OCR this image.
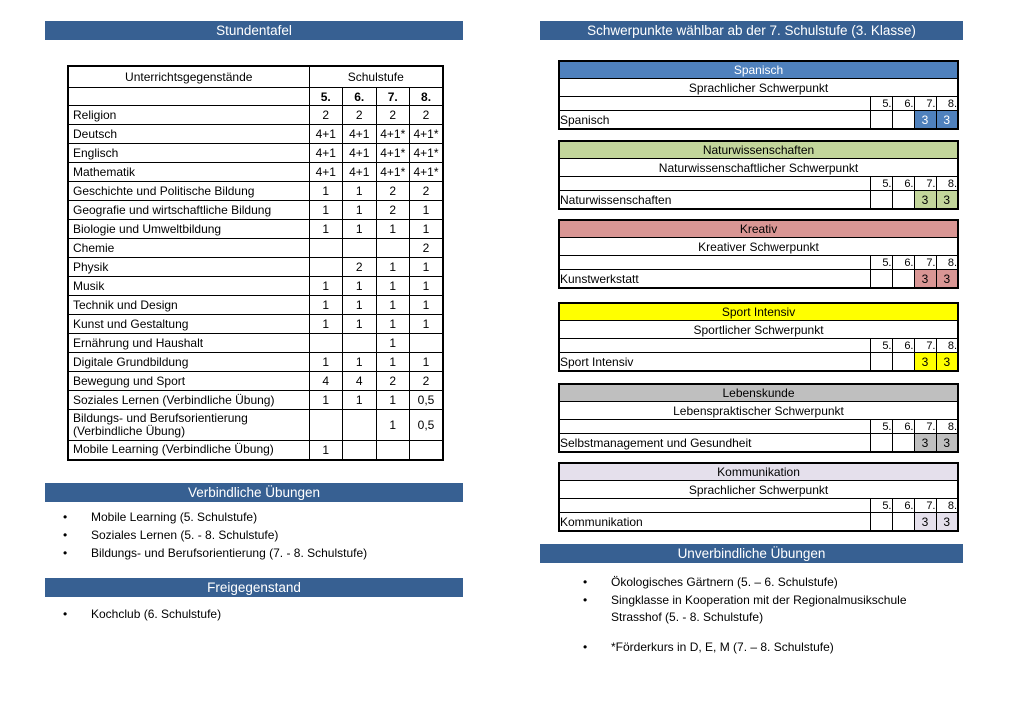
Stundentafel
Unterrichtsgegenstände	Schulstufe			
	5.	6.	7.	8.
Religion	2	2	2	2
Deutsch	4+1	4+1	4+1*	4+1*
Englisch	4+1	4+1	4+1*	4+1*
Mathematik	4+1	4+1	4+1*	4+1*
Geschichte und Politische Bildung	1	1	2	2
Geografie und wirtschaftliche Bildung	1	1	2	1
Biologie und Umweltbildung	1	1	1	1
Chemie				2
Physik		2	1	1
Musik	1	1	1	1
Technik und Design	1	1	1	1
Kunst und Gestaltung	1	1	1	1
Ernährung und Haushalt			1	
Digitale Grundbildung	1	1	1	1
Bewegung und Sport	4	4	2	2
Soziales Lernen (Verbindliche Übung)	1	1	1	0,5
Bildungs- und Berufsorientierung (Verbindliche Übung)			1	0,5
Mobile Learning (Verbindliche Übung)	1			
Verbindliche Übungen
•	Mobile Learning (5. Schulstufe)
•	Soziales Lernen (5. - 8. Schulstufe)
•	Bildungs- und Berufsorientierung (7. - 8. Schulstufe)
Freigegenstand
•	Kochclub (6. Schulstufe)
Schwerpunkte wählbar ab der 7. Schulstufe (3. Klasse)
Unverbindliche Übungen
•	Ökologisches Gärtnern (5. – 6. Schulstufe)
•	Singklasse in Kooperation mit der Regionalmusikschule Strasshof (5. - 8. Schulstufe)
•	*Förderkurs in D, E, M (7. – 8. Schulstufe)
Spanisch				
Sprachlicher Schwerpunkt				
	5.	6.	7.	8.
Spanisch			3	3
Naturwissenschaften				
Naturwissenschaftlicher Schwerpunkt				
	5.	6.	7.	8.
Naturwissenschaften			3	3
Kreativ				
Kreativer Schwerpunkt				
	5.	6.	7.	8.
Kunstwerkstatt			3	3
Sport Intensiv				
Sportlicher Schwerpunkt				
	5.	6.	7.	8.
Sport Intensiv			3	3
Lebenskunde				
Lebenspraktischer Schwerpunkt				
	5.	6.	7.	8.
Selbstmanagement und Gesundheit			3	3
Kommunikation				
Sprachlicher Schwerpunkt				
	5.	6.	7.	8.
Kommunikation			3	3
